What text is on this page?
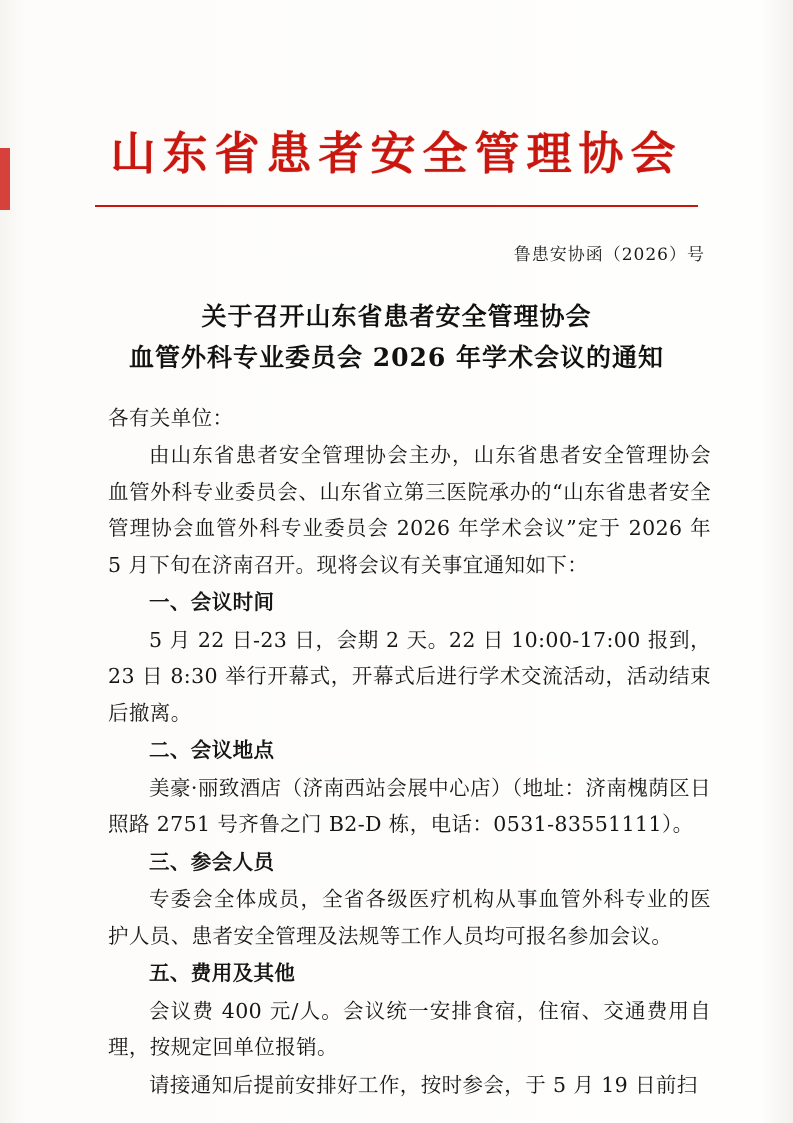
山东省患者安全管理协会
鲁患安协函（2026）号
关于召开山东省患者安全管理协会
血管外科专业委员会 2026 年学术会议的通知

各有关单位：

由山东省患者安全管理协会主办，山东省患者安全管理协会血管外科专业委员会、山东省立第三医院承办的“山东省患者安全管理协会血管外科专业委员会 2026 年学术会议”定于 2026 年 5 月下旬在济南召开。现将会议有关事宜通知如下：

一、会议时间

5 月 22 日-23 日，会期 2 天。22 日 10:00-17:00 报到，23 日 8:30 举行开幕式，开幕式后进行学术交流活动，活动结束后撤离。

二、会议地点

美豪·丽致酒店（济南西站会展中心店）（地址：济南槐荫区日照路 2751 号齐鲁之门 B2-D 栋，电话：0531-83551111）。

三、参会人员

专委会全体成员，全省各级医疗机构从事血管外科专业的医护人员、患者安全管理及法规等工作人员均可报名参加会议。

五、费用及其他

会议费 400 元/人。会议统一安排食宿，住宿、交通费用自理，按规定回单位报销。

请接通知后提前安排好工作，按时参会，于 5 月 19 日前扫
